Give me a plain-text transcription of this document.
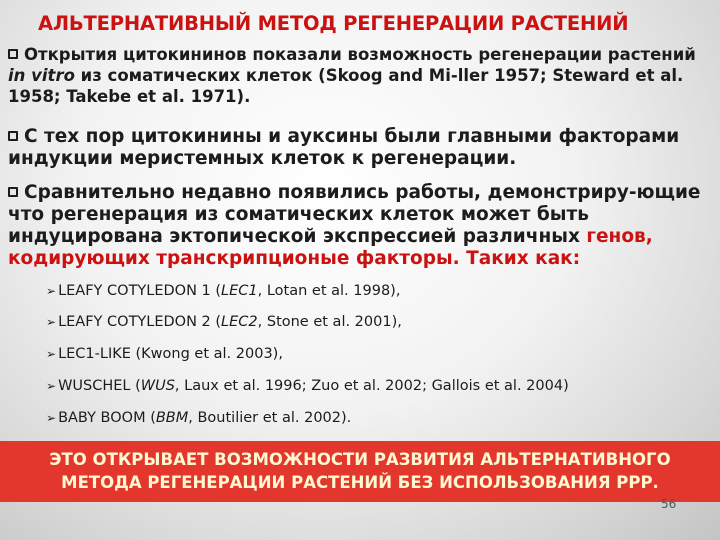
АЛЬТЕРНАТИВНЫЙ МЕТОД РЕГЕНЕРАЦИИ РАСТЕНИЙ
Открытия цитокининов показали возможность регенерации растений in vitro из соматических клеток (Skoog and Mi-ller 1957; Steward et al. 1958; Takebe et al. 1971).
С тех пор цитокинины и ауксины были главными факторами индукции меристемных клеток к регенерации.
Сравнительно недавно появились работы, демонстриру-ющие что регенерация из соматических клеток может быть индуцирована эктопической экспрессией различных генов, кодирующих транскрипционые факторы. Таких как:
➢ LEAFY COTYLEDON 1 (LEC1, Lotan et al. 1998),
➢ LEAFY COTYLEDON 2 (LEC2, Stone et al. 2001),
➢ LEC1-LIKE (Kwong et al. 2003),
➢ WUSCHEL (WUS, Laux et al. 1996; Zuo et al. 2002; Gallois et al. 2004)
➢ BABY BOOM (BBM, Boutilier et al. 2002).
ЭТО ОТКРЫВАЕТ ВОЗМОЖНОСТИ РАЗВИТИЯ АЛЬТЕРНАТИВНОГО
МЕТОДА РЕГЕНЕРАЦИИ РАСТЕНИЙ БЕЗ ИСПОЛЬЗОВАНИЯ РРР.
56
